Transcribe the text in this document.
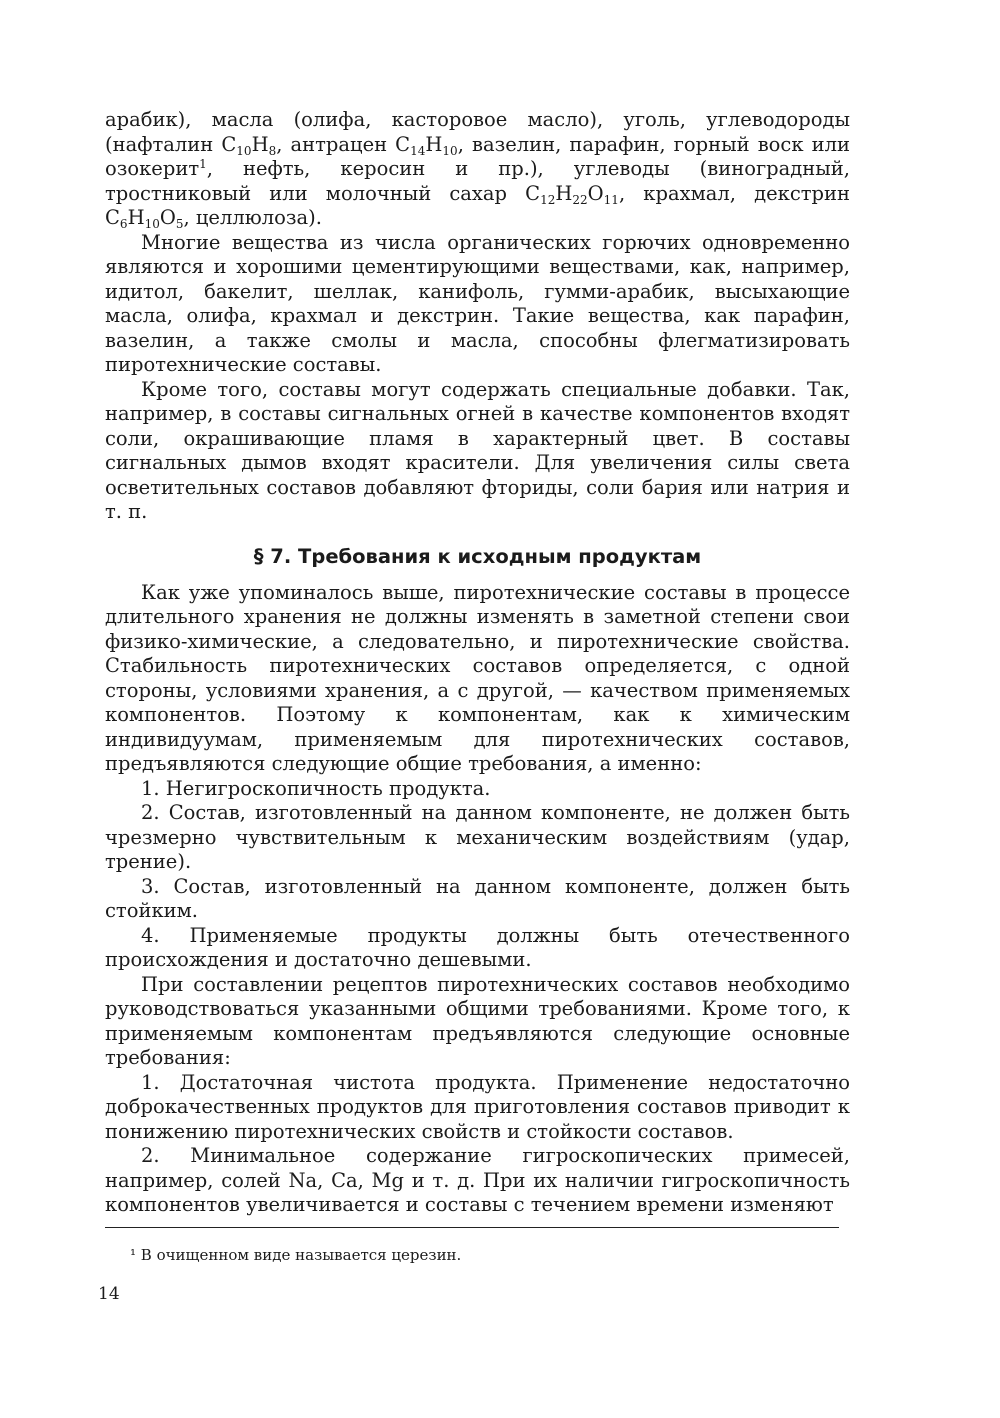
арабик), масла (олифа, касторовое масло), уголь, углеводороды (нафталин $C_{10}H_8$, антрацен $C_{14}H_{10}$, вазелин, парафин, горный воск или озокерит$^1$, нефть, керосин и пр.), углеводы (виноградный, тростниковый или молочный сахар $C_{12}H_{22}O_{11}$, крахмал, декстрин $C_6H_{10}O_5$, целлюлоза).

Многие вещества из числа органических горючих одновременно являются и хорошими цементирующими веществами, как, например, идитол, бакелит, шеллак, канифоль, гумми-арабик, высыхающие масла, олифа, крахмал и декстрин. Такие вещества, как парафин, вазелин, а также смолы и масла, способны флегматизировать пиротехнические составы.

Кроме того, составы могут содержать специальные добавки. Так, например, в составы сигнальных огней в качестве компонентов входят соли, окрашивающие пламя в характерный цвет. В составы сигнальных дымов входят красители. Для увеличения силы света осветительных составов добавляют фториды, соли бария или натрия и т. п.

§ 7. Требования к исходным продуктам

Как уже упоминалось выше, пиротехнические составы в процессе длительного хранения не должны изменять в заметной степени свои физико-химические, а следовательно, и пиротехнические свойства. Стабильность пиротехнических составов определяется, с одной стороны, условиями хранения, а с другой, — качеством применяемых компонентов. Поэтому к компонентам, как к химическим индивидуумам, применяемым для пиротехнических составов, предъявляются следующие общие требования, а именно:

1. Негигроскопичность продукта.

2. Состав, изготовленный на данном компоненте, не должен быть чрезмерно чувствительным к механическим воздействиям (удар, трение).

3. Состав, изготовленный на данном компоненте, должен быть стойким.

4. Применяемые продукты должны быть отечественного происхождения и достаточно дешевыми.

При составлении рецептов пиротехнических составов необходимо руководствоваться указанными общими требованиями. Кроме того, к применяемым компонентам предъявляются следующие основные требования:

1. Достаточная чистота продукта. Применение недостаточно доброкачественных продуктов для приготовления составов приводит к понижению пиротехнических свойств и стойкости составов.

2. Минимальное содержание гигроскопических примесей, например, солей Na, Ca, Mg и т. д. При их наличии гигроскопичность компонентов увеличивается и составы с течением времени изменяют

¹ В очищенном виде называется церезин.
14
